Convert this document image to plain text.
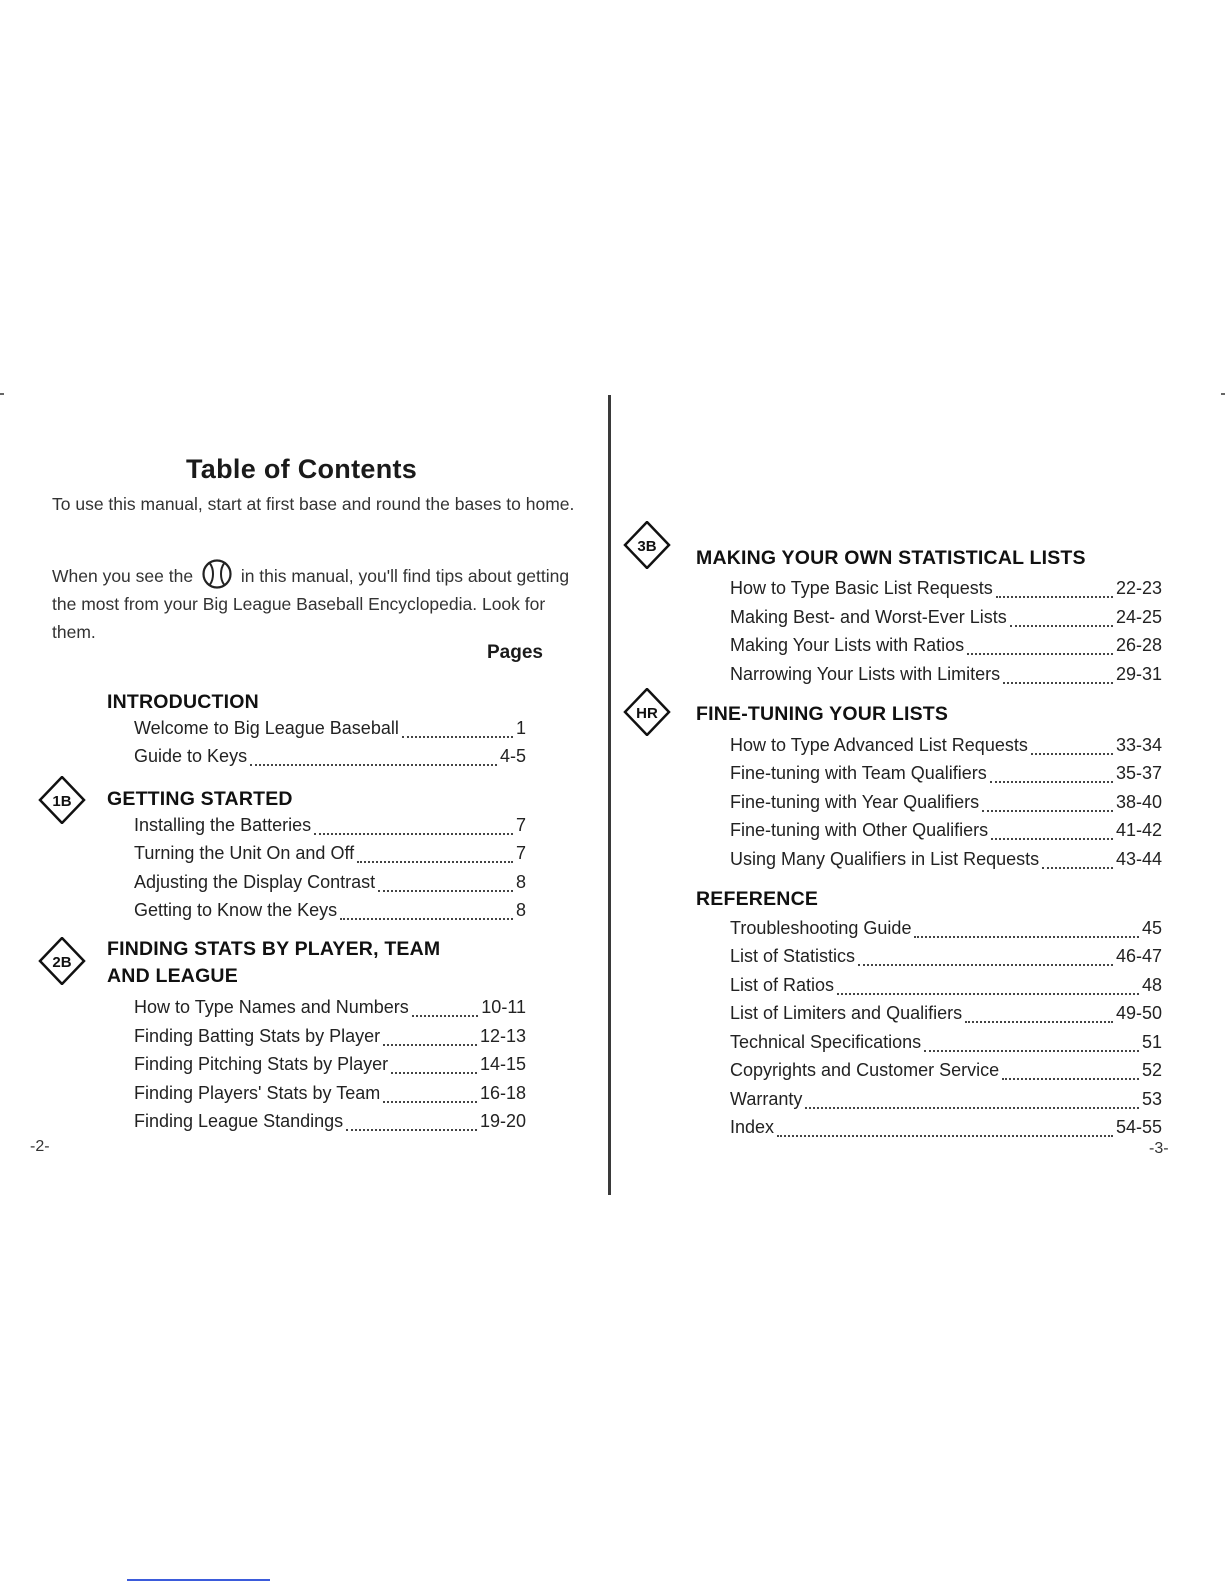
Table of Contents
To use this manual, start at first base and round the bases to home.
When you see the	in this manual, you'll find tips about getting the most from your Big League Baseball Encyclopedia. Look for them.
Pages
INTRODUCTION
Welcome to Big League Baseball	1
Guide to Keys	4-5
1B GETTING STARTED
Installing the Batteries	7
Turning the Unit On and Off	7
Adjusting the Display Contrast	8
Getting to Know the Keys	8
2B
FINDING STATS BY PLAYER, TEAM
AND LEAGUE
How to Type Names and Numbers	10-11
Finding Batting Stats by Player	12-13
Finding Pitching Stats by Player	14-15
Finding Players' Stats by Team	16-18
Finding League Standings	19-20
-2-
3B
MAKING YOUR OWN STATISTICAL LISTS
How to Type Basic List Requests	22-23
Making Best- and Worst-Ever Lists	24-25
Making Your Lists with Ratios	26-28
Narrowing Your Lists with Limiters	29-31
HR FINE-TUNING YOUR LISTS
How to Type Advanced List Requests	33-34
Fine-tuning with Team Qualifiers	35-37
Fine-tuning with Year Qualifiers	38-40
Fine-tuning with Other Qualifiers	41-42
Using Many Qualifiers in List Requests	43-44
REFERENCE
Troubleshooting Guide	45
List of Statistics	46-47
List of Ratios	48
List of Limiters and Qualifiers	49-50
Technical Specifications	51
Copyrights and Customer Service	52
Warranty	53
Index	54-55
-3-
